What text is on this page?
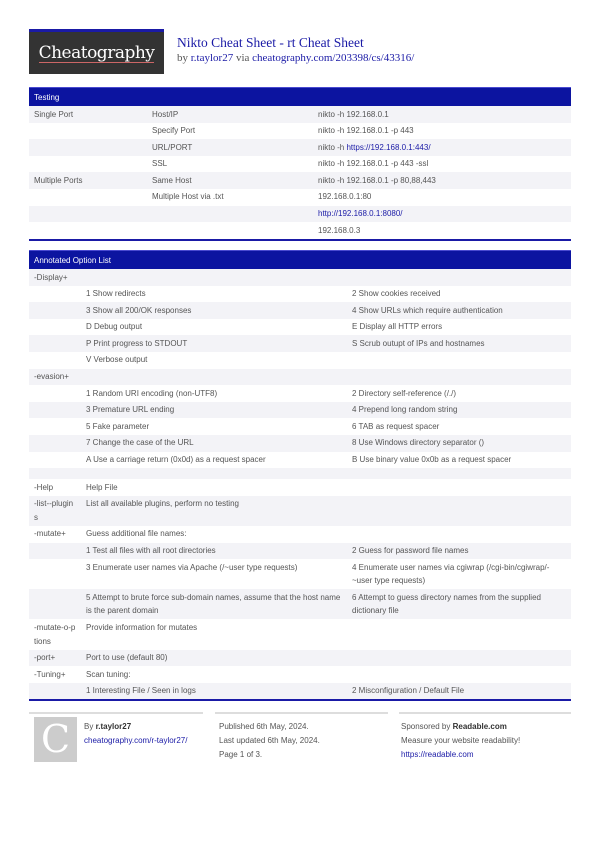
Cheatography Nikto Cheat Sheet - rt Cheat Sheet
by r.taylor27 via cheatography.com/203398/cs/43316/
Testing
Single Port	Host/IP	nikto -h 192.168.0.1
	Specify Port	nikto -h 192.168.0.1 -p 443
	URL/PORT	nikto -h https://192.168.0.1:443/
	SSL	nikto -h 192.168.0.1 -p 443 -ssl
Multiple Ports	Same Host	nikto -h 192.168.0.1 -p 80,88,443
	Multiple Host via .txt	192.168.0.1:80
		http://192.168.0.1:8080/
		192.168.0.3
Annotated Option List
-Display+		
	1 Show redirects	2 Show cookies received
	3 Show all 200/OK responses	4 Show URLs which require authentication
	D Debug output	E Display all HTTP errors
	P Print progress to STDOUT	S Scrub outupt of IPs and hostnames
	V Verbose output	
-evasion+		
	1 Random URI encoding (non-UTF8)	2 Directory self-reference (/./)
	3 Premature URL ending	4 Prepend long random string
	5 Fake parameter	6 TAB as request spacer
	7 Change the case of the URL	8 Use Windows directory separator ()
	A Use a carriage return (0x0d) as a request spacer	B Use binary value 0x0b as a request spacer

-Help	Help File	
-list--plugins	List all available plugins, perform no testing	
-mutate+	Guess additional file names:	
	1 Test all files with all root directories	2 Guess for password file names
	3 Enumerate user names via Apache (/~user type requests)	4 Enumerate user names via cgiwrap (/cgi-bin/cgiwrap/-~user type requests)
	5 Attempt to brute force sub-domain names, assume that the host name is the parent domain	6 Attempt to guess directory names from the supplied dictionary file
-mutate-o-ptions	Provide information for mutates	
-port+	Port to use (default 80)	
-Tuning+	Scan tuning:	
	1 Interesting File / Seen in logs	2 Misconfiguration / Default File
C	By r.taylor27
cheatography.com/r-taylor27/
Published 6th May, 2024.
Last updated 6th May, 2024.
Page 1 of 3.
Sponsored by Readable.com
Measure your website readability!
https://readable.com
